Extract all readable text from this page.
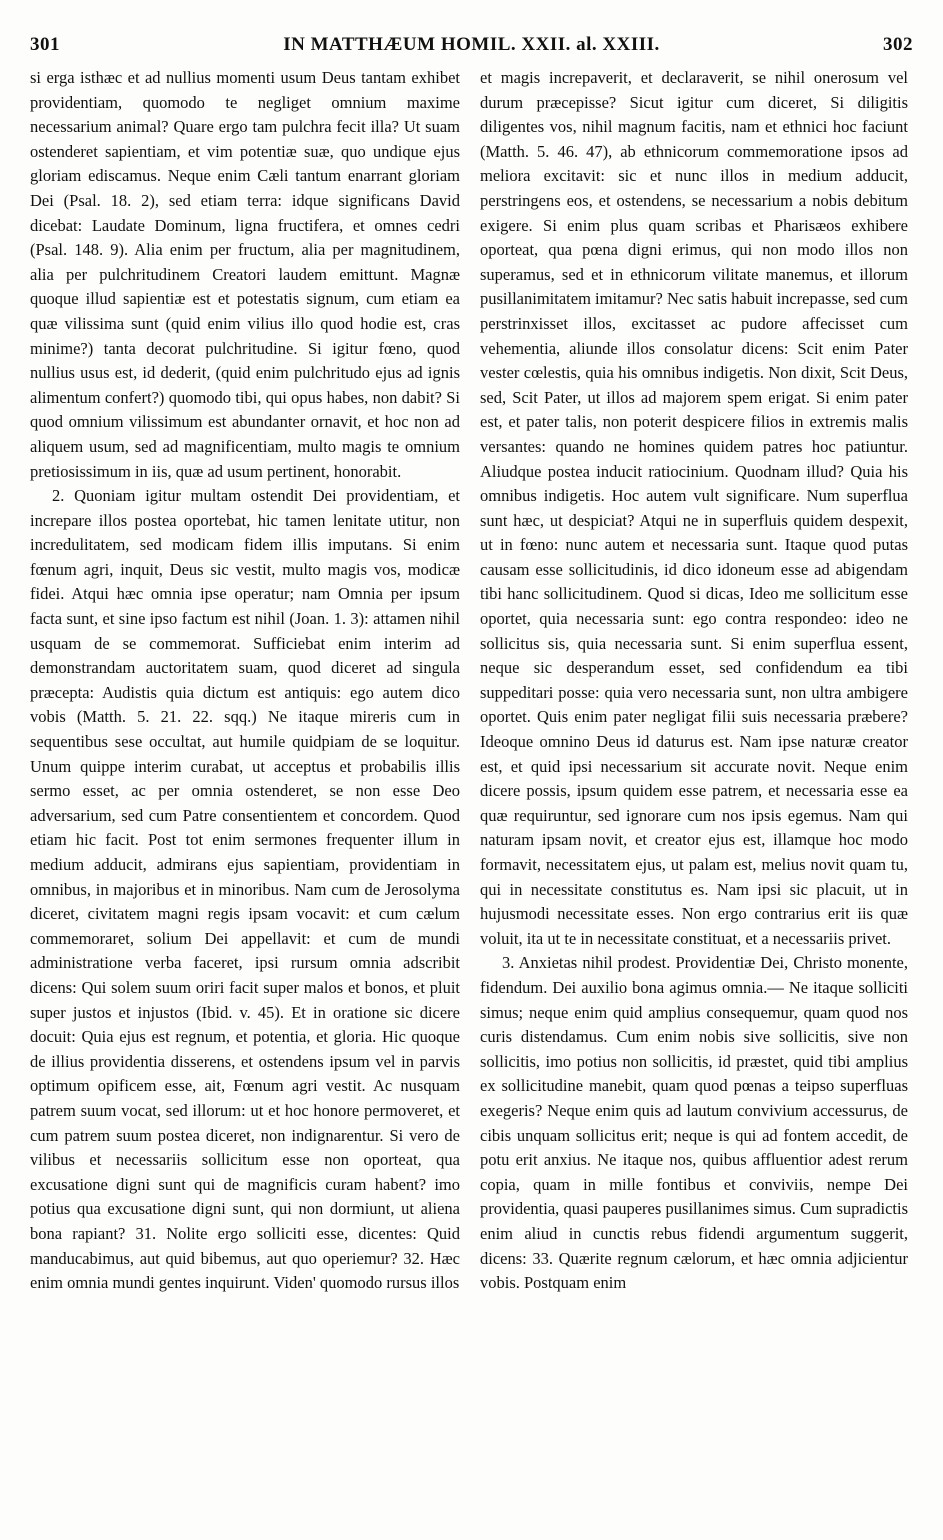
301	IN MATTHÆUM HOMIL. XXII. al. XXIII.	302

si erga isthæc et ad nullius momenti usum Deus tantam exhibet providentiam, quomodo te negliget omnium maxime necessarium animal? Quare ergo tam pulchra fecit illa? Ut suam ostenderet sapientiam, et vim potentiæ suæ, quo undique ejus gloriam ediscamus. Neque enim Cæli tantum enarrant gloriam Dei (Psal. 18. 2), sed etiam terra: idque significans David dicebat: Laudate Dominum, ligna fructifera, et omnes cedri (Psal. 148. 9). Alia enim per fructum, alia per magnitudinem, alia per pulchritudinem Creatori laudem emittunt. Magnæ quoque illud sapientiæ est et potestatis signum, cum etiam ea quæ vilissima sunt (quid enim vilius illo quod hodie est, cras minime?) tanta decorat pulchritudine. Si igitur fœno, quod nullius usus est, id dederit, (quid enim pulchritudo ejus ad ignis alimentum confert?) quomodo tibi, qui opus habes, non dabit? Si quod omnium vilissimum est abundanter ornavit, et hoc non ad aliquem usum, sed ad magnificentiam, multo magis te omnium pretiosissimum in iis, quæ ad usum pertinent, honorabit.

2. Quoniam igitur multam ostendit Dei providentiam, et increpare illos postea oportebat, hic tamen lenitate utitur, non incredulitatem, sed modicam fidem illis imputans. Si enim fœnum agri, inquit, Deus sic vestit, multo magis vos, modicæ fidei. Atqui hæc omnia ipse operatur; nam Omnia per ipsum facta sunt, et sine ipso factum est nihil (Joan. 1. 3): attamen nihil usquam de se commemorat. Sufficiebat enim interim ad demonstrandam auctoritatem suam, quod diceret ad singula præcepta: Audistis quia dictum est antiquis: ego autem dico vobis (Matth. 5. 21. 22. sqq.) Ne itaque mireris cum in sequentibus sese occultat, aut humile quidpiam de se loquitur. Unum quippe interim curabat, ut acceptus et probabilis illis sermo esset, ac per omnia ostenderet, se non esse Deo adversarium, sed cum Patre consentientem et concordem. Quod etiam hic facit. Post tot enim sermones frequenter illum in medium adducit, admirans ejus sapientiam, providentiam in omnibus, in majoribus et in minoribus. Nam cum de Jerosolyma diceret, civitatem magni regis ipsam vocavit: et cum cælum commemoraret, solium Dei appellavit: et cum de mundi administratione verba faceret, ipsi rursum omnia adscribit dicens: Qui solem suum oriri facit super malos et bonos, et pluit super justos et injustos (Ibid. v. 45). Et in oratione sic dicere docuit: Quia ejus est regnum, et potentia, et gloria. Hic quoque de illius providentia disserens, et ostendens ipsum vel in parvis optimum opificem esse, ait, Fœnum agri vestit. Ac nusquam patrem suum vocat, sed illorum: ut et hoc honore permoveret, et cum patrem suum postea diceret, non indignarentur. Si vero de vilibus et necessariis sollicitum esse non oporteat, qua excusatione digni sunt qui de magnificis curam habent? imo potius qua excusatione digni sunt, qui non dormiunt, ut aliena bona rapiant? 31. Nolite ergo solliciti esse, dicentes: Quid manducabimus, aut quid bibemus, aut quo operiemur? 32. Hæc enim omnia mundi gentes inquirunt. Viden' quomodo rursus illos

et magis increpaverit, et declaraverit, se nihil onerosum vel durum præcepisse? Sicut igitur cum diceret, Si diligitis diligentes vos, nihil magnum facitis, nam et ethnici hoc faciunt (Matth. 5. 46. 47), ab ethnicorum commemoratione ipsos ad meliora excitavit: sic et nunc illos in medium adducit, perstringens eos, et ostendens, se necessarium a nobis debitum exigere. Si enim plus quam scribas et Pharisæos exhibere oporteat, qua pœna digni erimus, qui non modo illos non superamus, sed et in ethnicorum vilitate manemus, et illorum pusillanimitatem imitamur? Nec satis habuit increpasse, sed cum perstrinxisset illos, excitasset ac pudore affecisset cum vehementia, aliunde illos consolatur dicens: Scit enim Pater vester cœlestis, quia his omnibus indigetis. Non dixit, Scit Deus, sed, Scit Pater, ut illos ad majorem spem erigat. Si enim pater est, et pater talis, non poterit despicere filios in extremis malis versantes: quando ne homines quidem patres hoc patiuntur. Aliudque postea inducit ratiocinium. Quodnam illud? Quia his omnibus indigetis. Hoc autem vult significare. Num superflua sunt hæc, ut despiciat? Atqui ne in superfluis quidem despexit, ut in fœno: nunc autem et necessaria sunt. Itaque quod putas causam esse sollicitudinis, id dico idoneum esse ad abigendam tibi hanc sollicitudinem. Quod si dicas, Ideo me sollicitum esse oportet, quia necessaria sunt: ego contra respondeo: ideo ne sollicitus sis, quia necessaria sunt. Si enim superflua essent, neque sic desperandum esset, sed confidendum ea tibi suppeditari posse: quia vero necessaria sunt, non ultra ambigere oportet. Quis enim pater negligat filii suis necessaria præbere? Ideoque omnino Deus id daturus est. Nam ipse naturæ creator est, et quid ipsi necessarium sit accurate novit. Neque enim dicere possis, ipsum quidem esse patrem, et necessaria esse ea quæ requiruntur, sed ignorare cum nos ipsis egemus. Nam qui naturam ipsam novit, et creator ejus est, illamque hoc modo formavit, necessitatem ejus, ut palam est, melius novit quam tu, qui in necessitate constitutus es. Nam ipsi sic placuit, ut in hujusmodi necessitate esses. Non ergo contrarius erit iis quæ voluit, ita ut te in necessitate constituat, et a necessariis privet.

3. Anxietas nihil prodest. Providentiæ Dei, Christo monente, fidendum. Dei auxilio bona agimus omnia.— Ne itaque solliciti simus; neque enim quid amplius consequemur, quam quod nos curis distendamus. Cum enim nobis sive sollicitis, sive non sollicitis, imo potius non sollicitis, id præstet, quid tibi amplius ex sollicitudine manebit, quam quod pœnas a teipso superfluas exegeris? Neque enim quis ad lautum convivium accessurus, de cibis unquam sollicitus erit; neque is qui ad fontem accedit, de potu erit anxius. Ne itaque nos, quibus affluentior adest rerum copia, quam in mille fontibus et conviviis, nempe Dei providentia, quasi pauperes pusillanimes simus. Cum supradictis enim aliud in cunctis rebus fidendi argumentum suggerit, dicens: 33. Quærite regnum cælorum, et hæc omnia adjicientur vobis. Postquam enim
